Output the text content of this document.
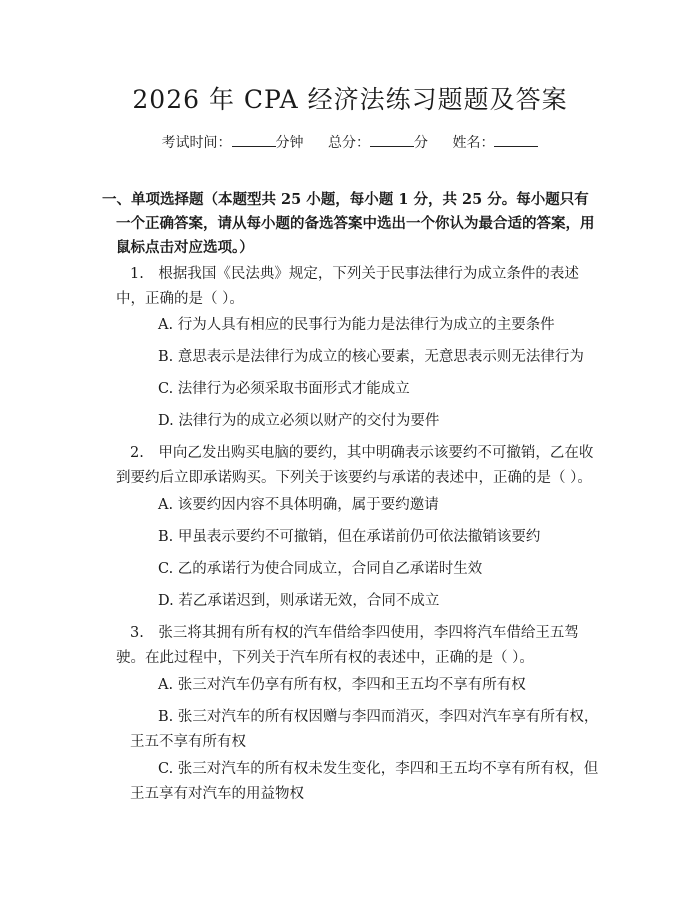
2026 年 CPA 经济法练习题题及答案
考试时间：	分钟 总分：	分 姓名：

一、单项选择题（本题型共 25 小题，每小题 1 分，共 25 分。每小题只有一个正确答案，请从每小题的备选答案中选出一个你认为最合适的答案，用鼠标点击对应选项。）

1.　根据我国《民法典》规定，下列关于民事法律行为成立条件的表述中，正确的是（ ）。

A. 行为人具有相应的民事行为能力是法律行为成立的主要条件

B. 意思表示是法律行为成立的核心要素，无意思表示则无法律行为

C. 法律行为必须采取书面形式才能成立

D. 法律行为的成立必须以财产的交付为要件

2.　甲向乙发出购买电脑的要约，其中明确表示该要约不可撤销，乙在收到要约后立即承诺购买。下列关于该要约与承诺的表述中，正确的是（ ）。

A. 该要约因内容不具体明确，属于要约邀请

B. 甲虽表示要约不可撤销，但在承诺前仍可依法撤销该要约

C. 乙的承诺行为使合同成立，合同自乙承诺时生效

D. 若乙承诺迟到，则承诺无效，合同不成立

3.　张三将其拥有所有权的汽车借给李四使用，李四将汽车借给王五驾驶。在此过程中，下列关于汽车所有权的表述中，正确的是（ ）。

A. 张三对汽车仍享有所有权，李四和王五均不享有所有权

B. 张三对汽车的所有权因赠与李四而消灭，李四对汽车享有所有权，王五不享有所有权

C. 张三对汽车的所有权未发生变化，李四和王五均不享有所有权，但王五享有对汽车的用益物权
